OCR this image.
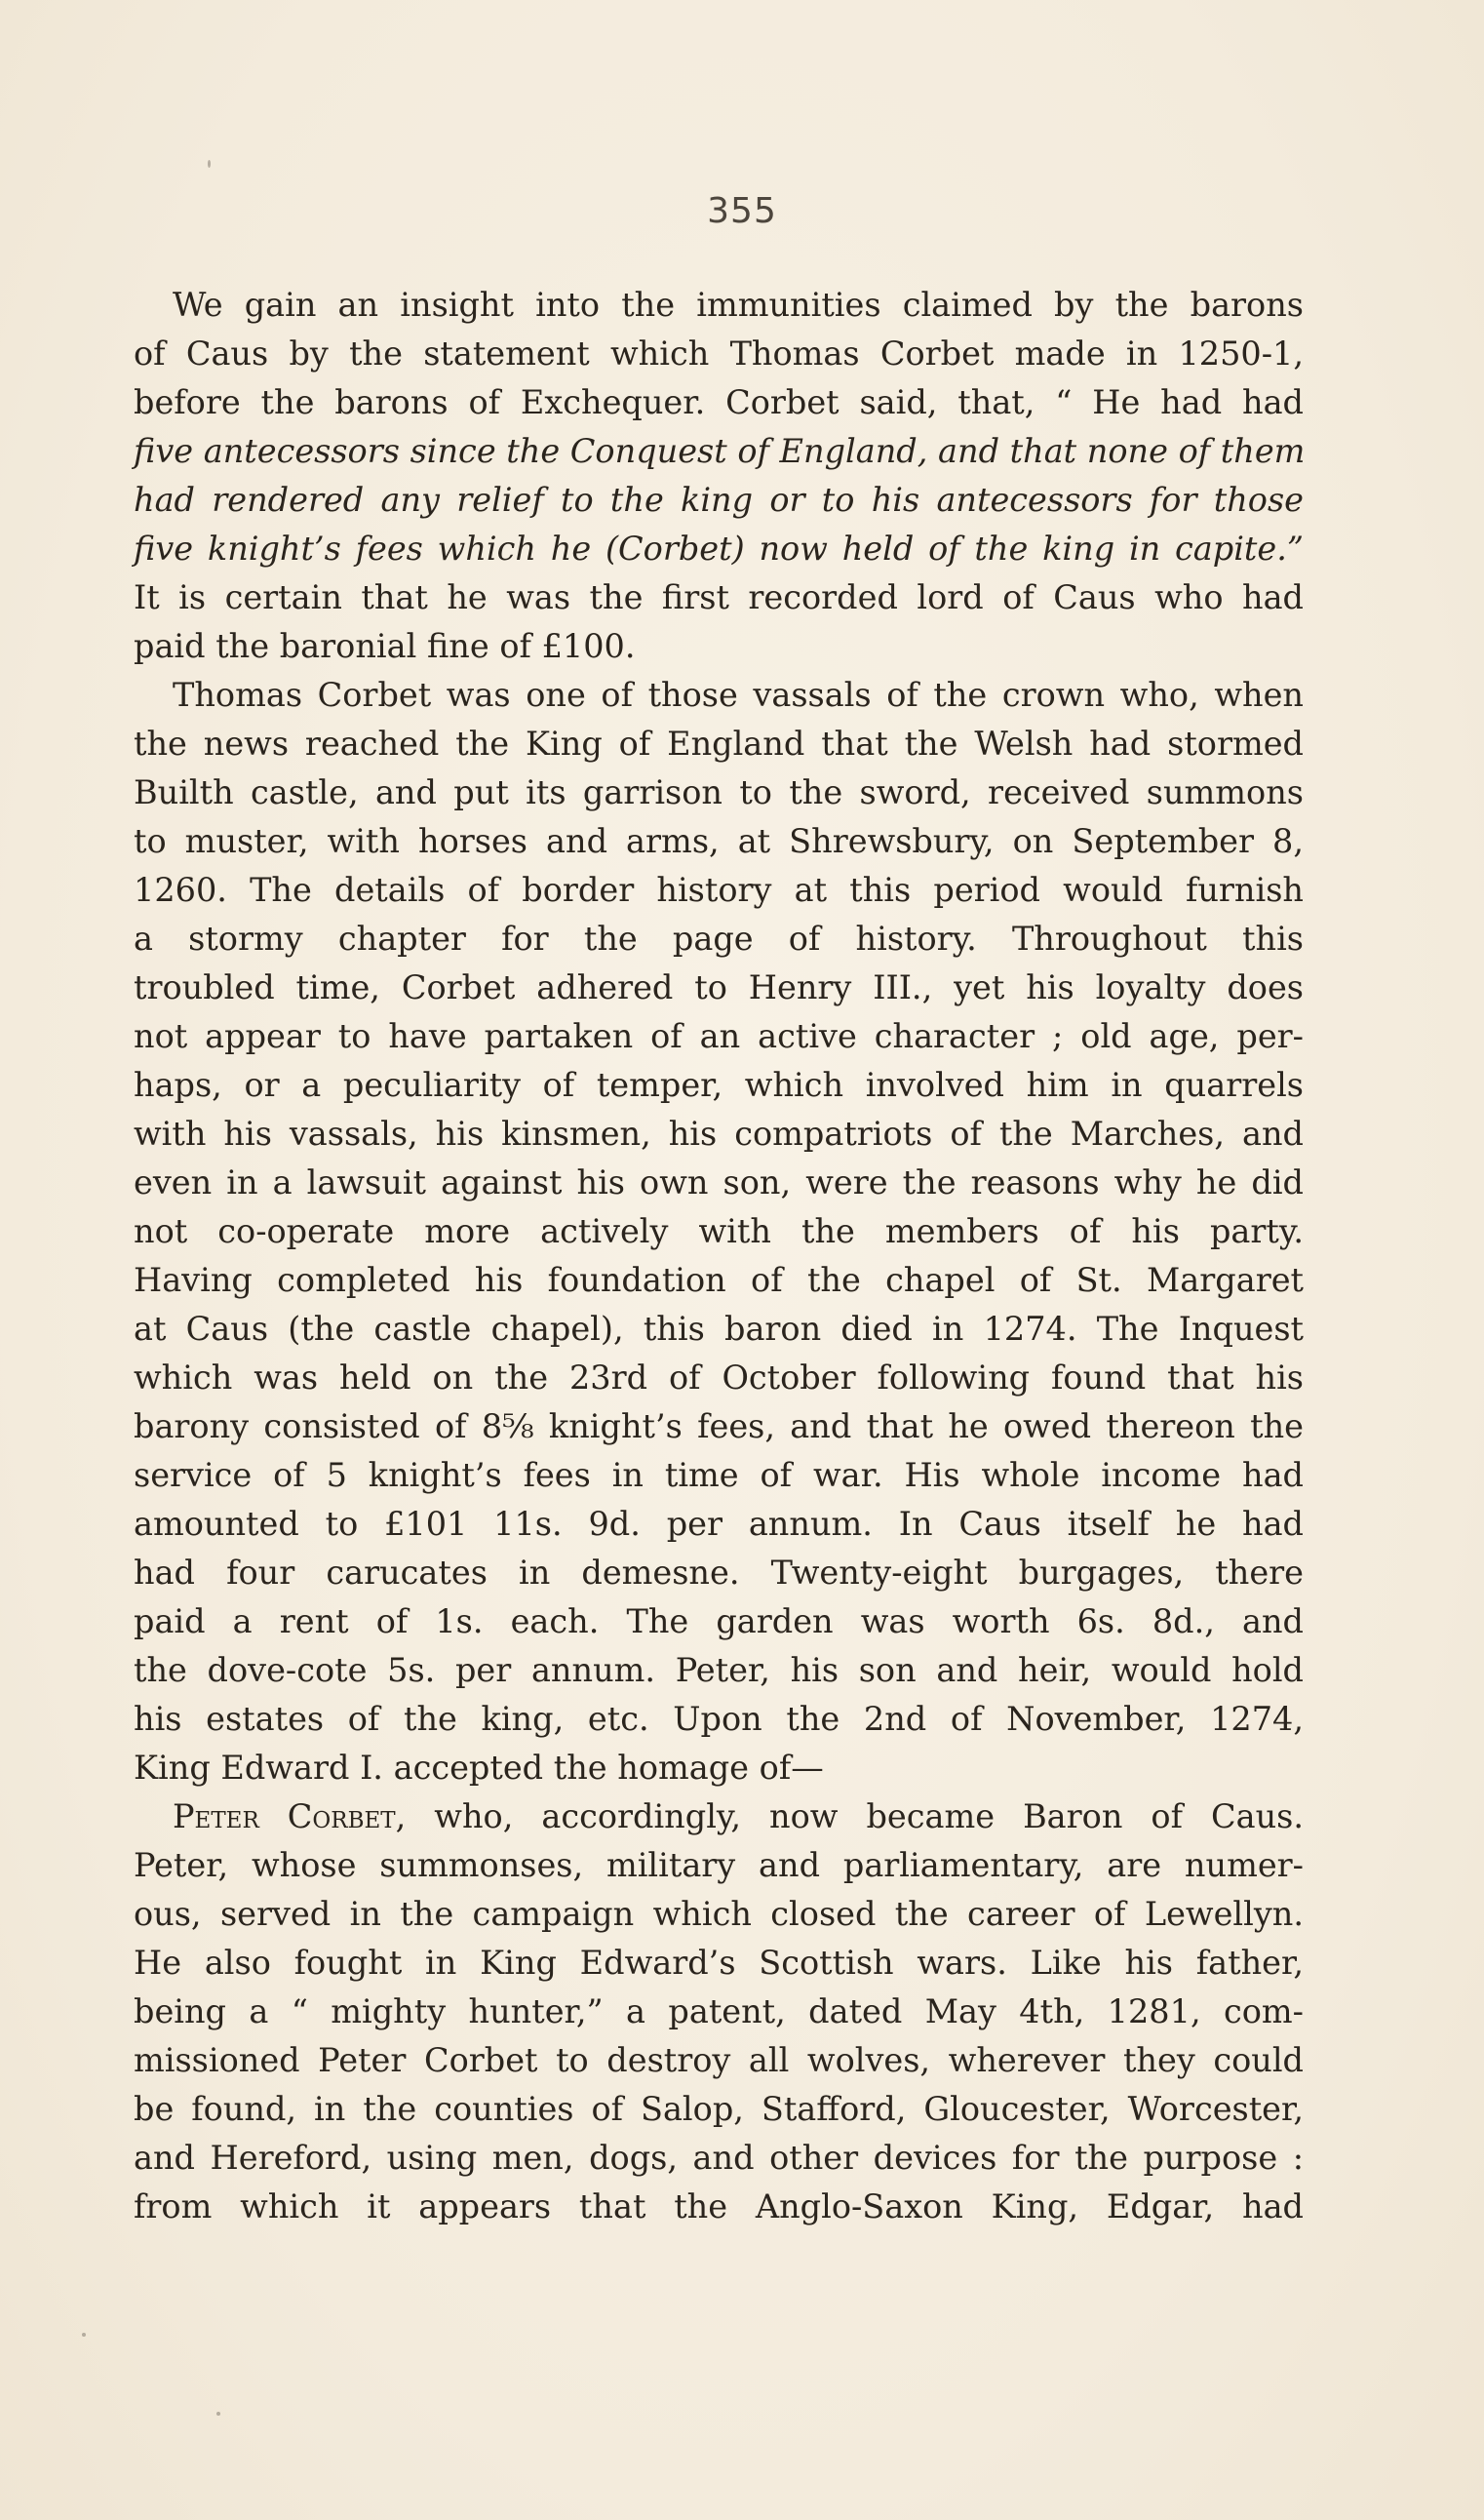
355
We gain an insight into the immunities claimed by the barons
of Caus by the statement which Thomas Corbet made in 1250-1,
before the barons of Exchequer. Corbet said, that, “ He had had
five antecessors since the Conquest of England, and that none of them
had rendered any relief to the king or to his antecessors for those
five knight’s fees which he (Corbet) now held of the king in capite.”
It is certain that he was the first recorded lord of Caus who had
paid the baronial fine of £100.
Thomas Corbet was one of those vassals of the crown who, when
the news reached the King of England that the Welsh had stormed
Builth castle, and put its garrison to the sword, received summons
to muster, with horses and arms, at Shrewsbury, on September 8,
1260. The details of border history at this period would furnish
a stormy chapter for the page of history. Throughout this
troubled time, Corbet adhered to Henry III., yet his loyalty does
not appear to have partaken of an active character ; old age, per-
haps, or a peculiarity of temper, which involved him in quarrels
with his vassals, his kinsmen, his compatriots of the Marches, and
even in a lawsuit against his own son, were the reasons why he did
not co-operate more actively with the members of his party.
Having completed his foundation of the chapel of St. Margaret
at Caus (the castle chapel), this baron died in 1274. The Inquest
which was held on the 23rd of October following found that his
barony consisted of 8⅝ knight’s fees, and that he owed thereon the
service of 5 knight’s fees in time of war. His whole income had
amounted to £101 11s. 9d. per annum. In Caus itself he had
had four carucates in demesne. Twenty-eight burgages, there
paid a rent of 1s. each. The garden was worth 6s. 8d., and
the dove-cote 5s. per annum. Peter, his son and heir, would hold
his estates of the king, etc. Upon the 2nd of November, 1274,
King Edward I. accepted the homage of—
Peter Corbet, who, accordingly, now became Baron of Caus.
Peter, whose summonses, military and parliamentary, are numer-
ous, served in the campaign which closed the career of Lewellyn.
He also fought in King Edward’s Scottish wars. Like his father,
being a “ mighty hunter,” a patent, dated May 4th, 1281, com-
missioned Peter Corbet to destroy all wolves, wherever they could
be found, in the counties of Salop, Stafford, Gloucester, Worcester,
and Hereford, using men, dogs, and other devices for the purpose :
from which it appears that the Anglo-Saxon King, Edgar, had
